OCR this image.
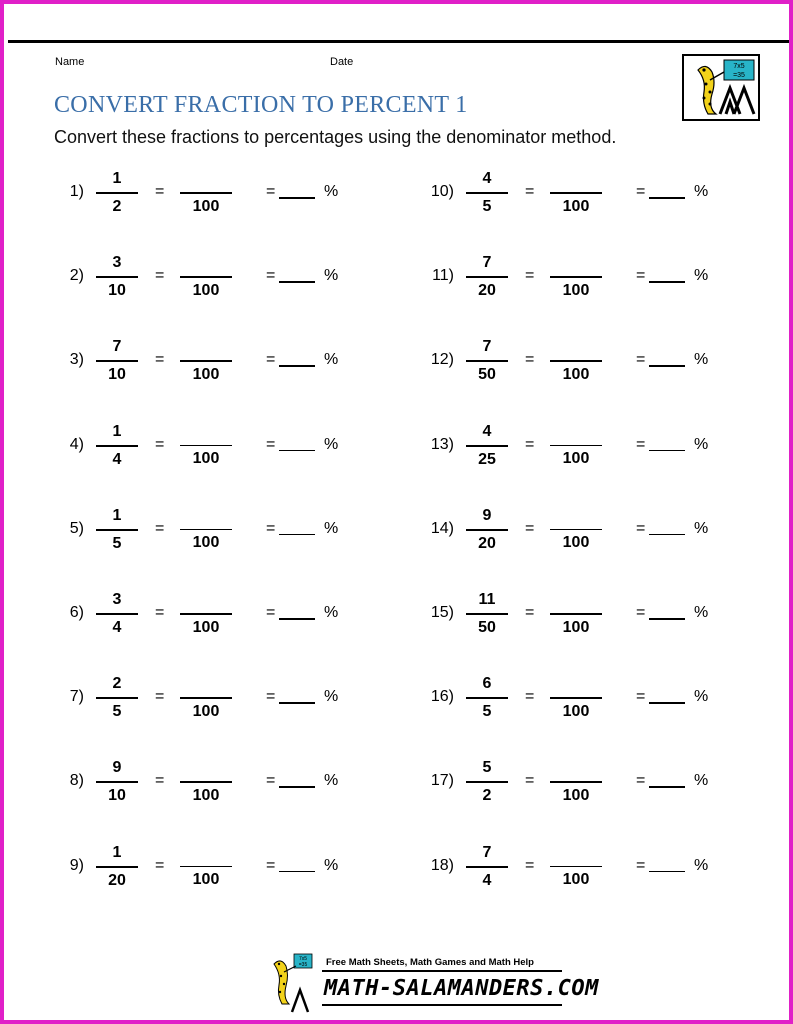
Name	Date	7x5
=35
CONVERT FRACTION TO PERCENT 1
Convert these fractions to percentages using the denominator method.
1)
1
2
=
100
=	%
2)
3
10
=
100
=	%
3)
7
10
=
100
=	%
4)
1
4
=
100
=	%
5)
1
5
=
100
=	%
6)
3
4
=
100
=	%
7)
2
5
=
100
=	%
8)
9
10
=
100
=	%
9)
1
20
=
100
=	%
10)
4
5
=
100
=	%
11)
7
20
=
100
=	%
12)
7
50
=
100
=	%
13)
4
25
=
100
=	%
14)
9
20
=
100
=	%
15)
11
50
=
100
=	%
16)
6
5
=
100
=	%
17)
5
2
=
100
=	%
18)
7
4
=
100
=	%
7x5
=35 Free Math Sheets, Math Games and Math Help
MATH-SALAMANDERS.COM
